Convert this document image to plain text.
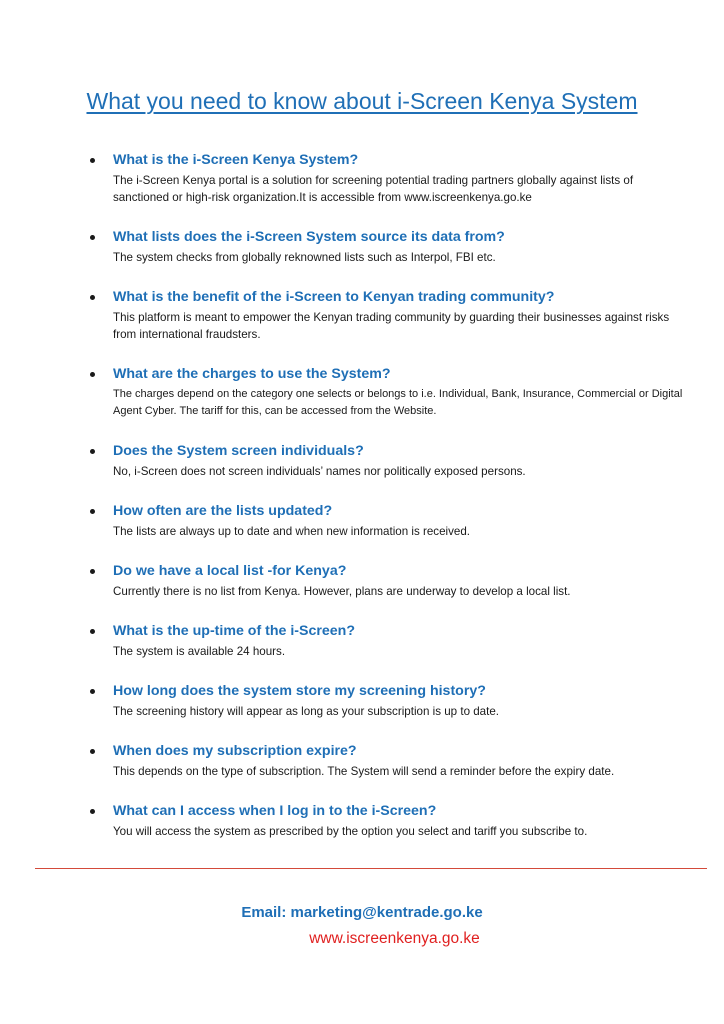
What you need to know about i-Screen Kenya System
What is the i-Screen Kenya System?
The i-Screen Kenya portal is a solution for screening potential trading partners globally against lists of sanctioned or high-risk organization.It is accessible from www.iscreenkenya.go.ke
What lists does the i-Screen System source its data from?
The system checks from globally reknowned lists such as Interpol, FBI etc.
What is the benefit of the i-Screen to Kenyan trading community?
This platform is meant to empower the Kenyan trading community by guarding their businesses against risks from international fraudsters.
What are the charges to use the System?
The charges depend on the category one selects or belongs to i.e. Individual, Bank, Insurance, Commercial or Digital Agent Cyber. The tariff for this, can be accessed from the Website.
Does the System screen individuals?
No, i-Screen does not screen individuals’ names nor politically exposed persons.
How often are the lists updated?
The lists are always up to date and when new information is received.
Do we have a local list -for Kenya?
Currently there is no list from Kenya. However, plans are underway to develop a local list.
What is the up-time of the i-Screen?
The system is available 24 hours.
How long does the system store my screening history?
The screening history will appear as long as your subscription is up to date.
When does my subscription expire?
This depends on the type of subscription. The System will send a reminder before the expiry date.
What can I access when I log in to the i-Screen?
You will access the system as prescribed by the option you select and tariff you subscribe to.
Email: marketing@kentrade.go.ke
www.iscreenkenya.go.ke
